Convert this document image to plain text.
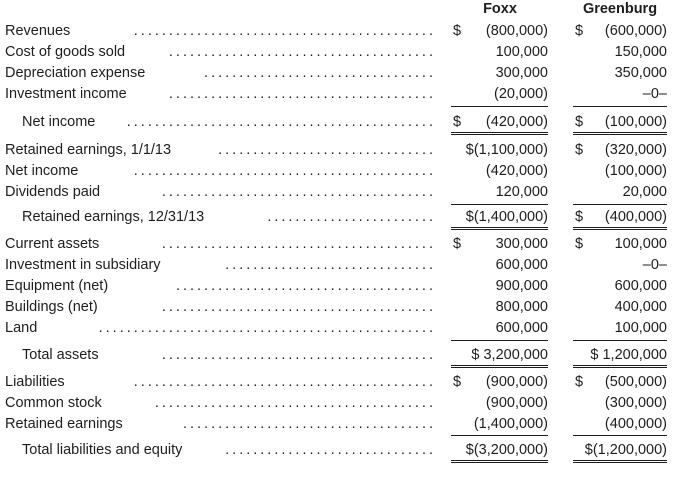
Foxx	Greenburg
Revenues	........................................... $ (800,000) $ (600,000)
Cost of goods sold	......................................	100,000	150,000
Depreciation expense	.................................	300,000	350,000
Investment income	......................................	(20,000)	–0–
Net income	............................................ $ (420,000) $ (100,000)
Retained earnings, 1/1/13	............................... $(1,100,000) $ (320,000)
Net income	...........................................	(420,000)	(100,000)
Dividends paid	.......................................	120,000	20,000
Retained earnings, 12/31/13	........................ $(1,400,000) $ (400,000)
Current assets	....................................... $ 300,000 $ 100,000
Investment in subsidiary	..............................	600,000	–0–
Equipment (net)	.....................................	900,000	600,000
Buildings (net)	.......................................	800,000	400,000
Land	................................................	600,000	100,000
Total assets	....................................... $ 3,200,000	$ 1,200,000
Liabilities	........................................... $ (900,000) $ (500,000)
Common stock	........................................	(900,000)	(300,000)
Retained earnings	....................................	(1,400,000)	(400,000)
Total liabilities and equity	.............................. $(3,200,000)	$(1,200,000)
